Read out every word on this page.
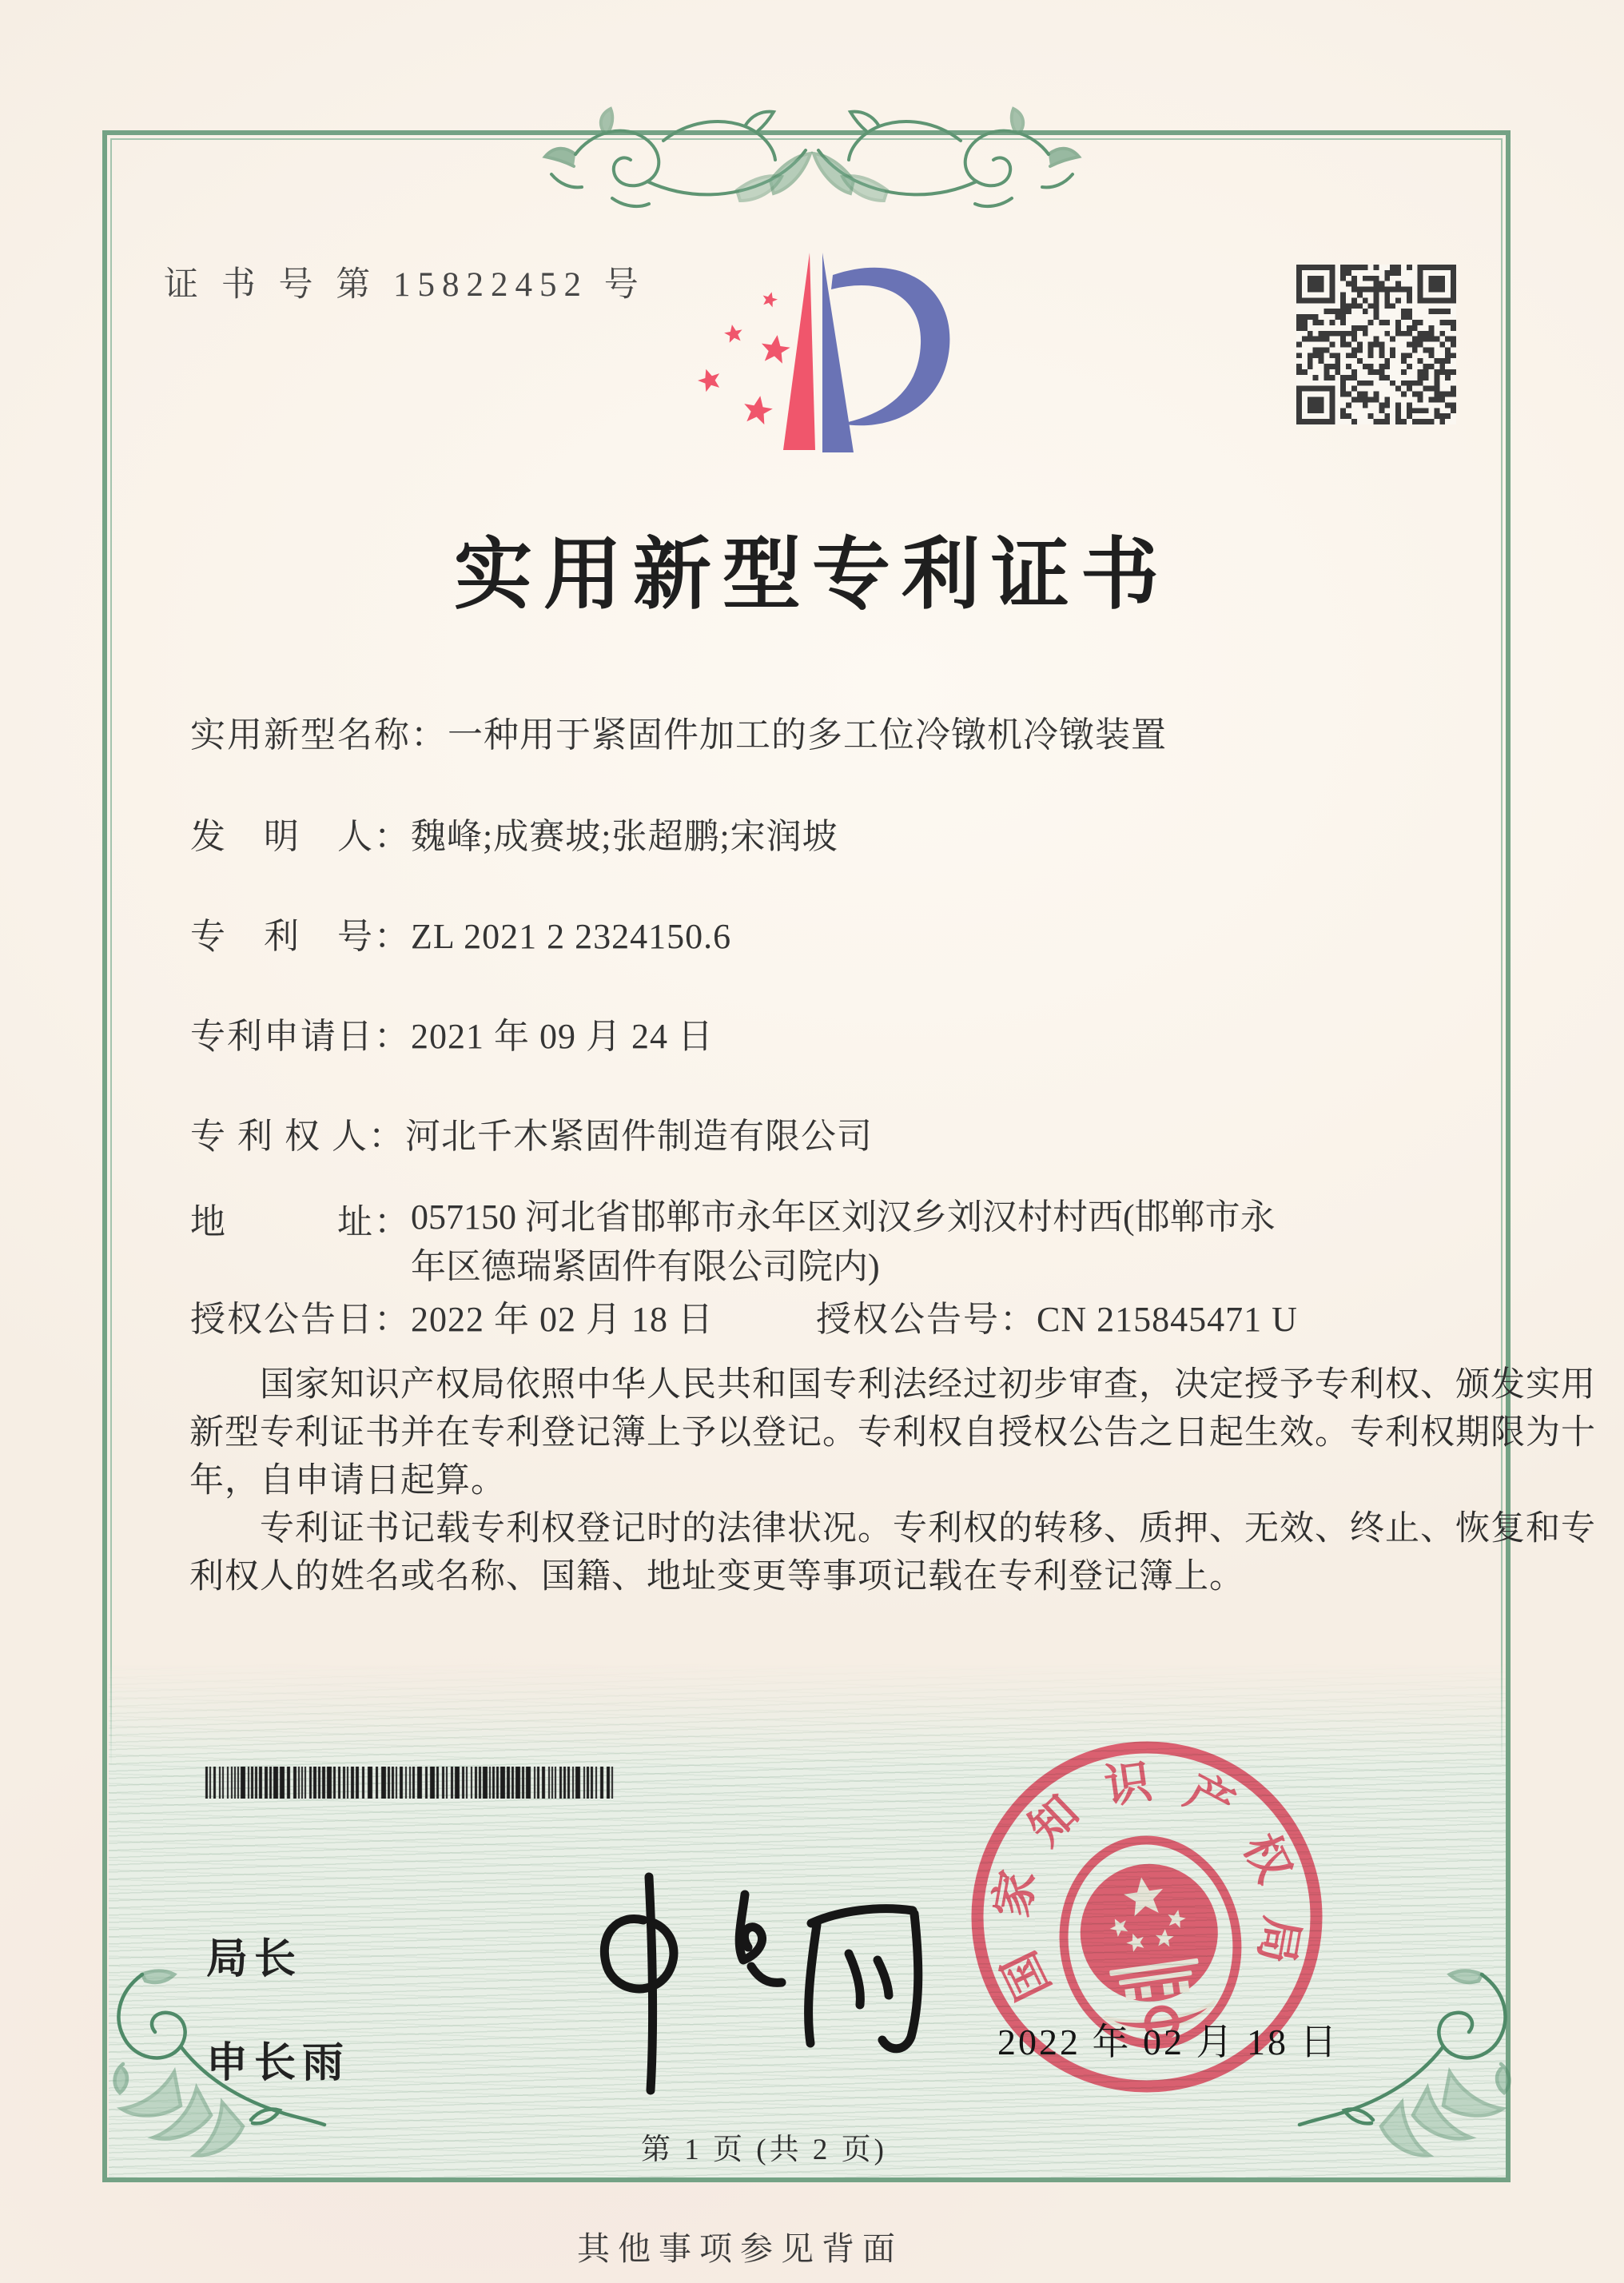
证 书 号 第 15822452 号
实用新型专利证书
实用新型名称：一种用于紧固件加工的多工位冷镦机冷镦装置
发　明　人：魏峰;成赛坡;张超鹏;宋润坡
专　利　号：ZL 2021 2 2324150.6
专利申请日：2021 年 09 月 24 日
专 利 权 人：河北千木紧固件制造有限公司
地　　　址： 057150 河北省邯郸市永年区刘汉乡刘汉村村西(邯郸市永
年区德瑞紧固件有限公司院内)
授权公告日：2022 年 02 月 18 日	授权公告号：CN 215845471 U
　　国家知识产权局依照中华人民共和国专利法经过初步审查，决定授予专利权、颁发实用
新型专利证书并在专利登记簿上予以登记。专利权自授权公告之日起生效。专利权期限为十
年，自申请日起算。
　　专利证书记载专利权登记时的法律状况。专利权的转移、质押、无效、终止、恢复和专
利权人的姓名或名称、国籍、地址变更等事项记载在专利登记簿上。
局长
申长雨
国
家
知
识 产
权
局
2022 年 02 月 18 日
第 1 页 (共 2 页)
其他事项参见背面
